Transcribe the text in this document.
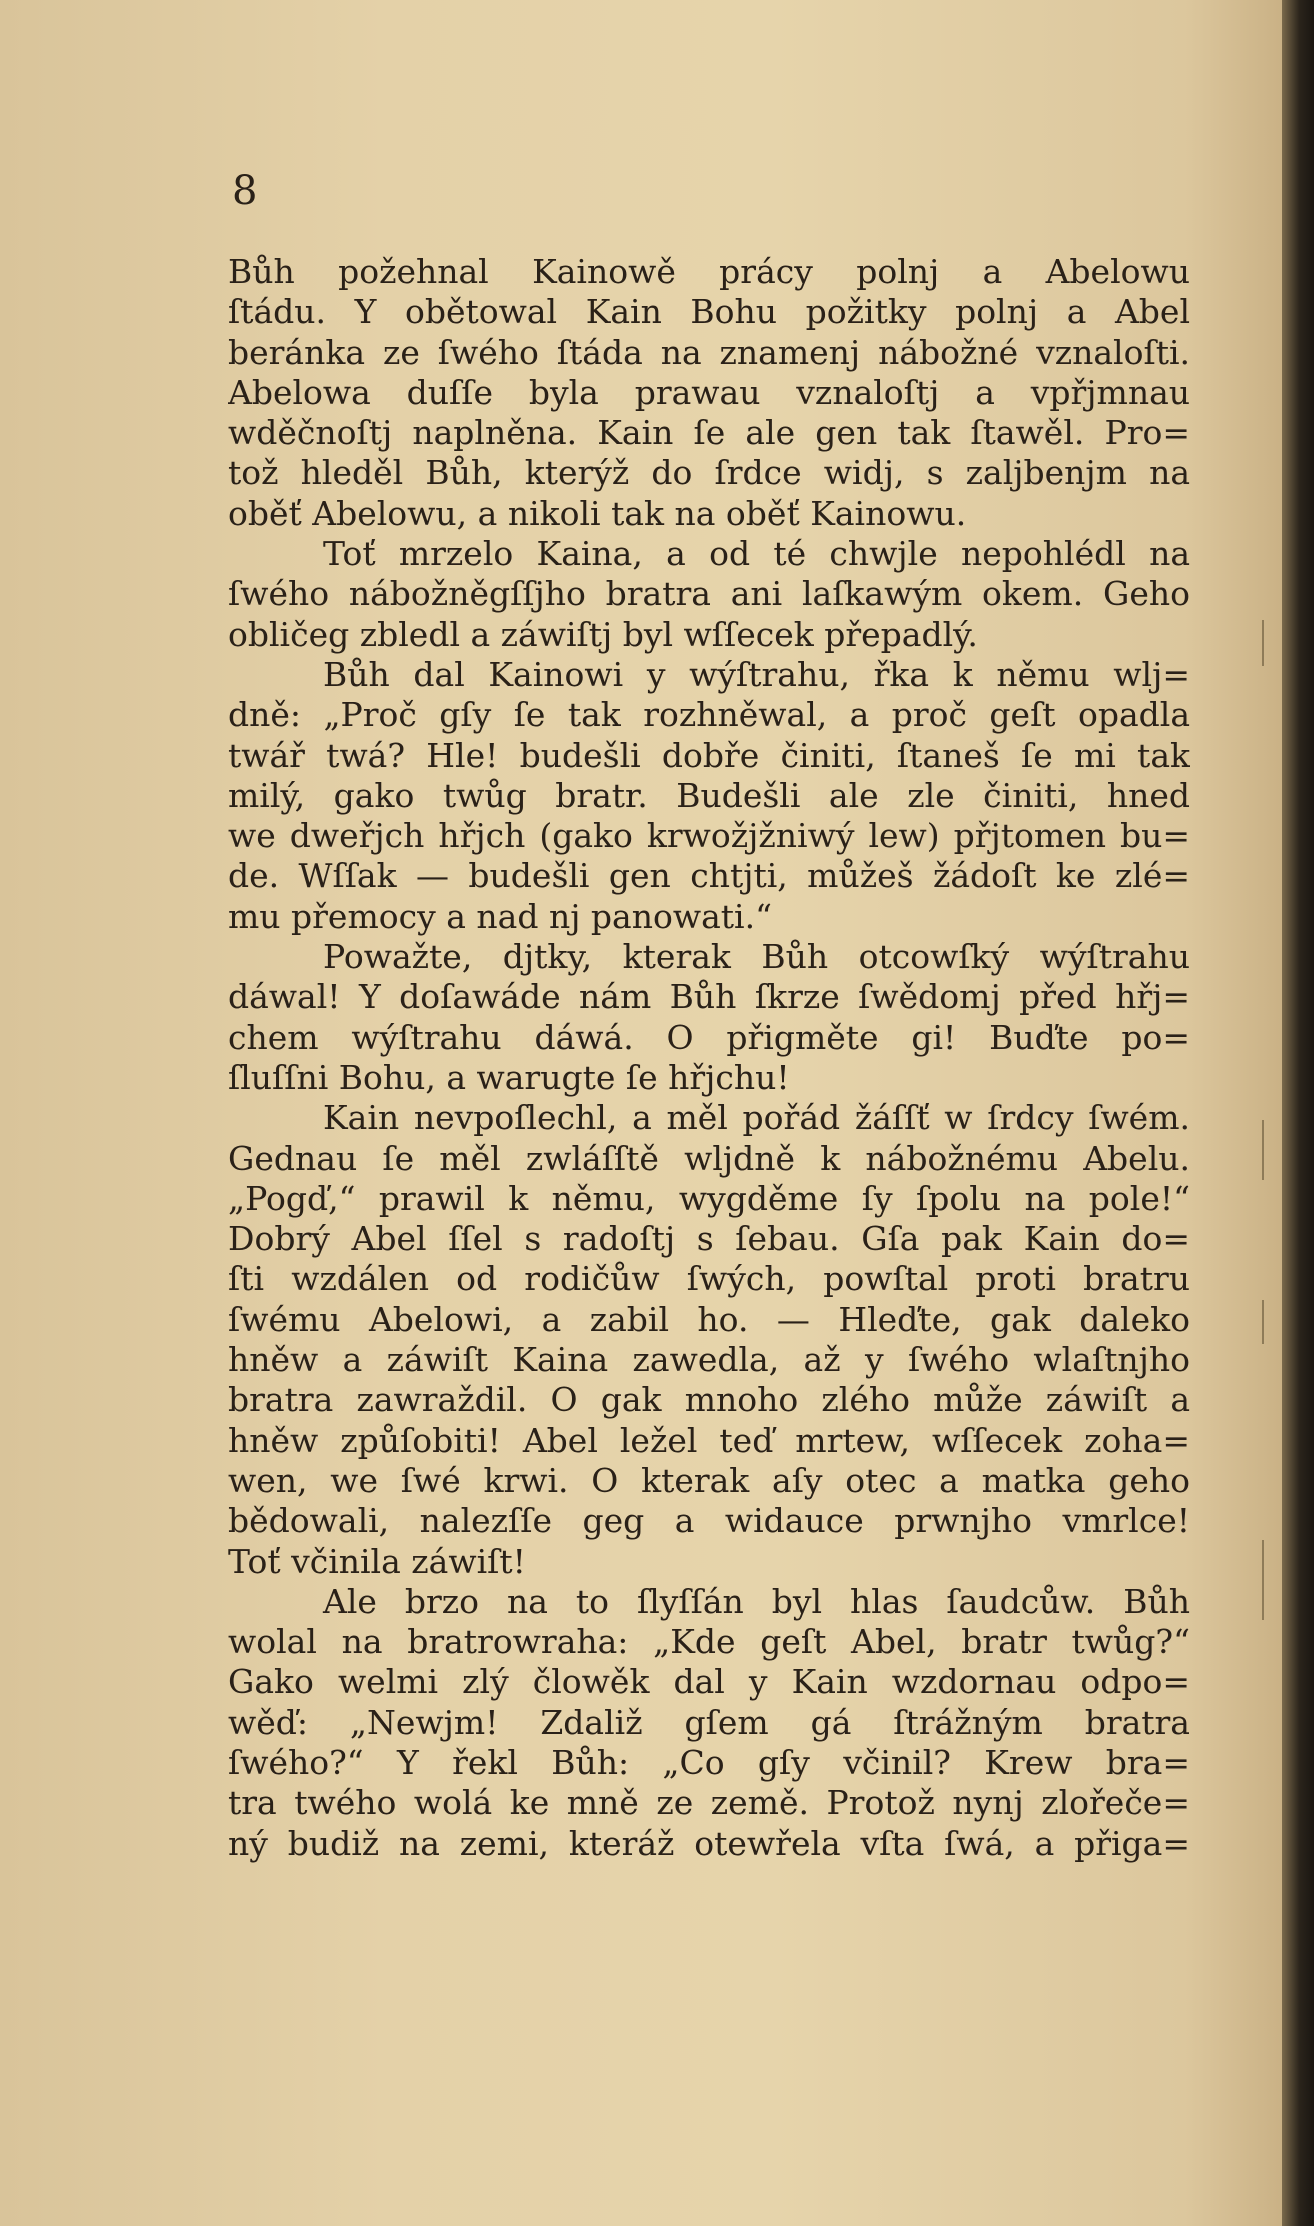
8
Bůh požehnal Kainowě prácy polnj a Abelowu
ſtádu. Y obětowal Kain Bohu požitky polnj a Abel
beránka ze ſwého ſtáda na znamenj nábožné vznaloſti.
Abelowa duſſe byla prawau vznaloſtj a vpřjmnau
wděčnoſtj naplněna. Kain ſe ale gen tak ſtawěl. Pro=
tož hleděl Bůh, kterýž do ſrdce widj, s zaljbenjm na
oběť Abelowu, a nikoli tak na oběť Kainowu.
Toť mrzelo Kaina, a od té chwjle nepohlédl na
ſwého nábožněgſſjho bratra ani laſkawým okem. Geho
obličeg zbledl a záwiſtj byl wſſecek přepadlý.
Bůh dal Kainowi y wýſtrahu, řka k němu wlj=
dně: „Proč gſy ſe tak rozhněwal, a proč geſt opadla
twář twá? Hle! budešli dobře činiti, ſtaneš ſe mi tak
milý, gako twůg bratr. Budešli ale zle činiti, hned
we dweřjch hřjch (gako krwožjžniwý lew) přjtomen bu=
de. Wſſak — budešli gen chtjti, můžeš žádoſt ke zlé=
mu přemocy a nad nj panowati.“
Powažte, djtky, kterak Bůh otcowſký wýſtrahu
dáwal! Y doſawáde nám Bůh ſkrze ſwědomj před hřj=
chem wýſtrahu dáwá. O přigměte gi! Buďte po=
ſluſſni Bohu, a warugte ſe hřjchu!
Kain nevpoſlechl, a měl pořád žáſſť w ſrdcy ſwém.
Gednau ſe měl zwláſſtě wljdně k nábožnému Abelu.
„Pogď,“ prawil k němu, wygděme ſy ſpolu na pole!“
Dobrý Abel ſſel s radoſtj s ſebau. Gſa pak Kain do=
ſti wzdálen od rodičůw ſwých, powſtal proti bratru
ſwému Abelowi, a zabil ho. — Hleďte, gak daleko
hněw a záwiſt Kaina zawedla, až y ſwého wlaſtnjho
bratra zawraždil. O gak mnoho zlého může záwiſt a
hněw způſobiti! Abel ležel teď mrtew, wſſecek zoha=
wen, we ſwé krwi. O kterak aſy otec a matka geho
bědowali, nalezſſe geg a widauce prwnjho vmrlce!
Toť včinila záwiſt!
Ale brzo na to ſlyſſán byl hlas ſaudcůw. Bůh
wolal na bratrowraha: „Kde geſt Abel, bratr twůg?“
Gako welmi zlý člowěk dal y Kain wzdornau odpo=
wěď: „Newjm! Zdaliž gſem gá ſtrážným bratra
ſwého?“ Y řekl Bůh: „Co gſy včinil? Krew bra=
tra twého wolá ke mně ze země. Protož nynj zlořeče=
ný budiž na zemi, kteráž otewřela vſta ſwá, a přiga=
